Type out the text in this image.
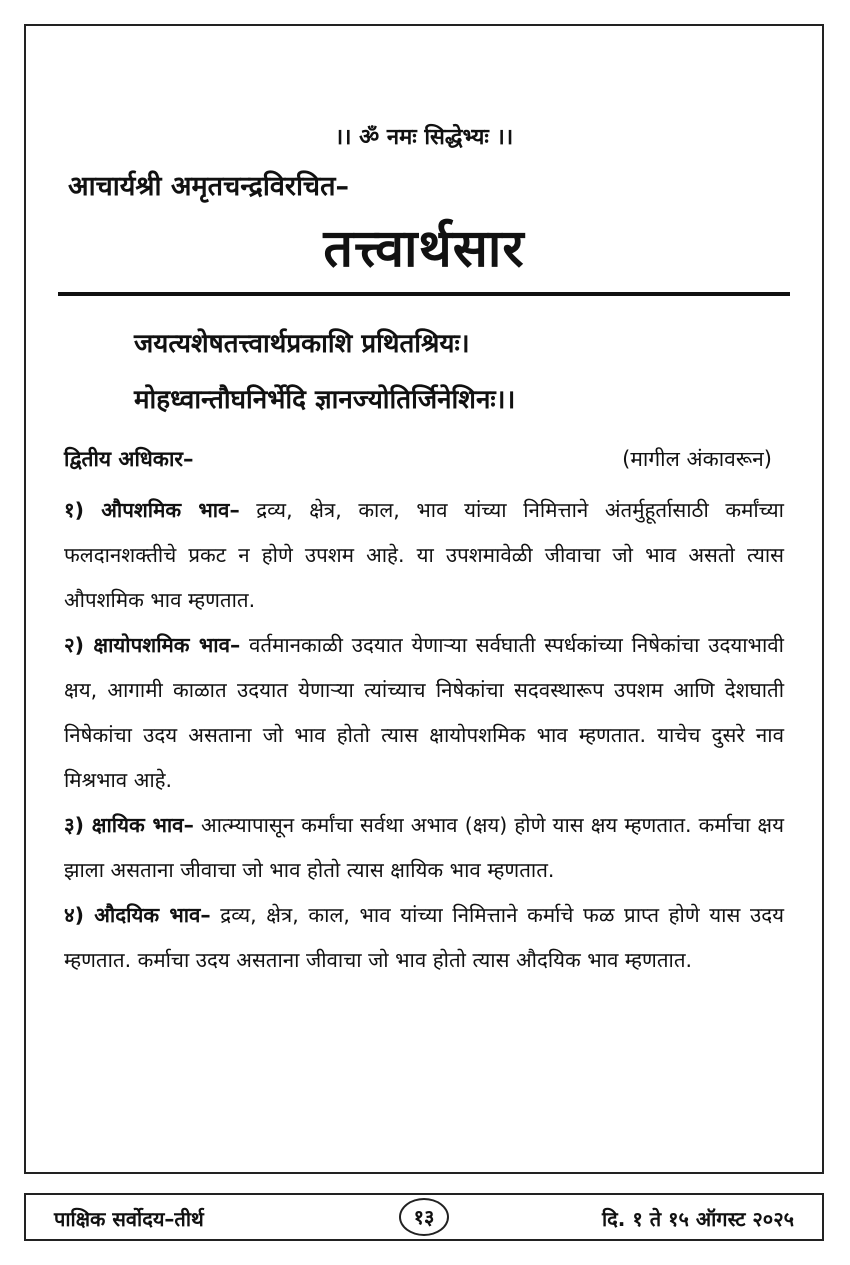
।। ॐ नमः सिद्धेभ्यः ।।
आचार्यश्री अमृतचन्द्रविरचित–
तत्त्वार्थसार
जयत्यशेषतत्त्वार्थप्रकाशि प्रथितश्रियः।
मोहध्वान्तौघनिर्भेदि ज्ञानज्योतिर्जिनेशिनः।।
द्वितीय अधिकार–	(मागील अंकावरून)

१) औपशमिक भाव– द्रव्य, क्षेत्र, काल, भाव यांच्या निमित्ताने अंतर्मुहूर्तासाठी कर्मांच्या फलदानशक्तीचे प्रकट न होणे उपशम आहे. या उपशमावेळी जीवाचा जो भाव असतो त्यास औपशमिक भाव म्हणतात.

२) क्षायोपशमिक भाव– वर्तमानकाळी उदयात येणाऱ्या सर्वघाती स्पर्धकांच्या निषेकांचा उदयाभावी क्षय, आगामी काळात उदयात येणाऱ्या त्यांच्याच निषेकांचा सदवस्थारूप उपशम आणि देशघाती निषेकांचा उदय असताना जो भाव होतो त्यास क्षायोपशमिक भाव म्हणतात. याचेच दुसरे नाव मिश्रभाव आहे.

३) क्षायिक भाव– आत्म्यापासून कर्मांचा सर्वथा अभाव (क्षय) होणे यास क्षय म्हणतात. कर्माचा क्षय झाला असताना जीवाचा जो भाव होतो त्यास क्षायिक भाव म्हणतात.

४) औदयिक भाव– द्रव्य, क्षेत्र, काल, भाव यांच्या निमित्ताने कर्माचे फळ प्राप्त होणे यास उदय म्हणतात. कर्माचा उदय असताना जीवाचा जो भाव होतो त्यास औदयिक भाव म्हणतात.

पाक्षिक सर्वोदय–तीर्थ	१३	दि. १ ते १५ ऑगस्ट २०२५
